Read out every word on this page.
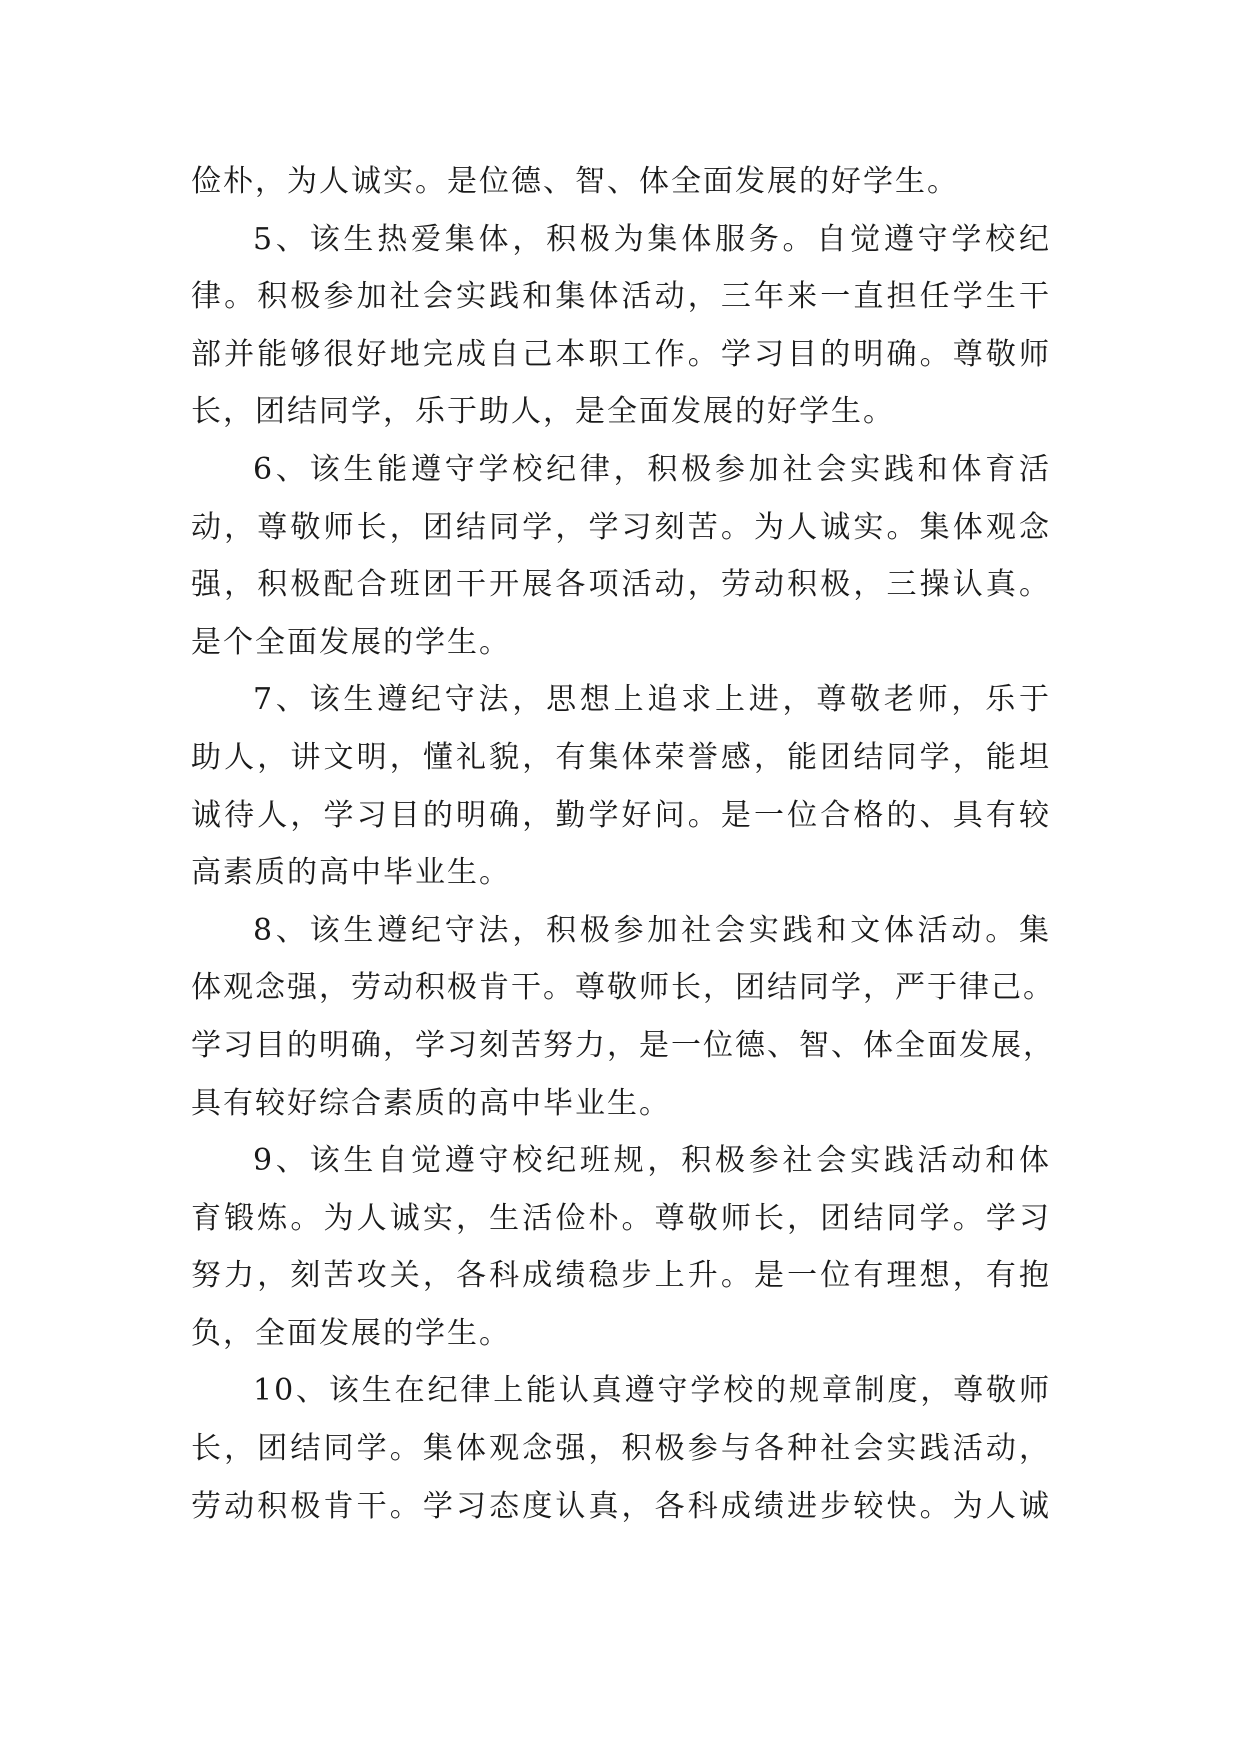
俭朴，为人诚实。是位德、智、体全面发展的好学生。
5、该生热爱集体，积极为集体服务。自觉遵守学校纪
律。积极参加社会实践和集体活动，三年来一直担任学生干
部并能够很好地完成自己本职工作。学习目的明确。尊敬师
长，团结同学，乐于助人，是全面发展的好学生。
6、该生能遵守学校纪律，积极参加社会实践和体育活
动，尊敬师长，团结同学，学习刻苦。为人诚实。集体观念
强，积极配合班团干开展各项活动，劳动积极，三操认真。
是个全面发展的学生。
7、该生遵纪守法，思想上追求上进，尊敬老师，乐于
助人，讲文明，懂礼貌，有集体荣誉感，能团结同学，能坦
诚待人，学习目的明确，勤学好问。是一位合格的、具有较
高素质的高中毕业生。
8、该生遵纪守法，积极参加社会实践和文体活动。集
体观念强，劳动积极肯干。尊敬师长，团结同学，严于律己。
学习目的明确，学习刻苦努力，是一位德、智、体全面发展，
具有较好综合素质的高中毕业生。
9、该生自觉遵守校纪班规，积极参社会实践活动和体
育锻炼。为人诚实，生活俭朴。尊敬师长，团结同学。学习
努力，刻苦攻关，各科成绩稳步上升。是一位有理想，有抱
负，全面发展的学生。
10、该生在纪律上能认真遵守学校的规章制度，尊敬师
长，团结同学。集体观念强，积极参与各种社会实践活动，
劳动积极肯干。学习态度认真，各科成绩进步较快。为人诚
